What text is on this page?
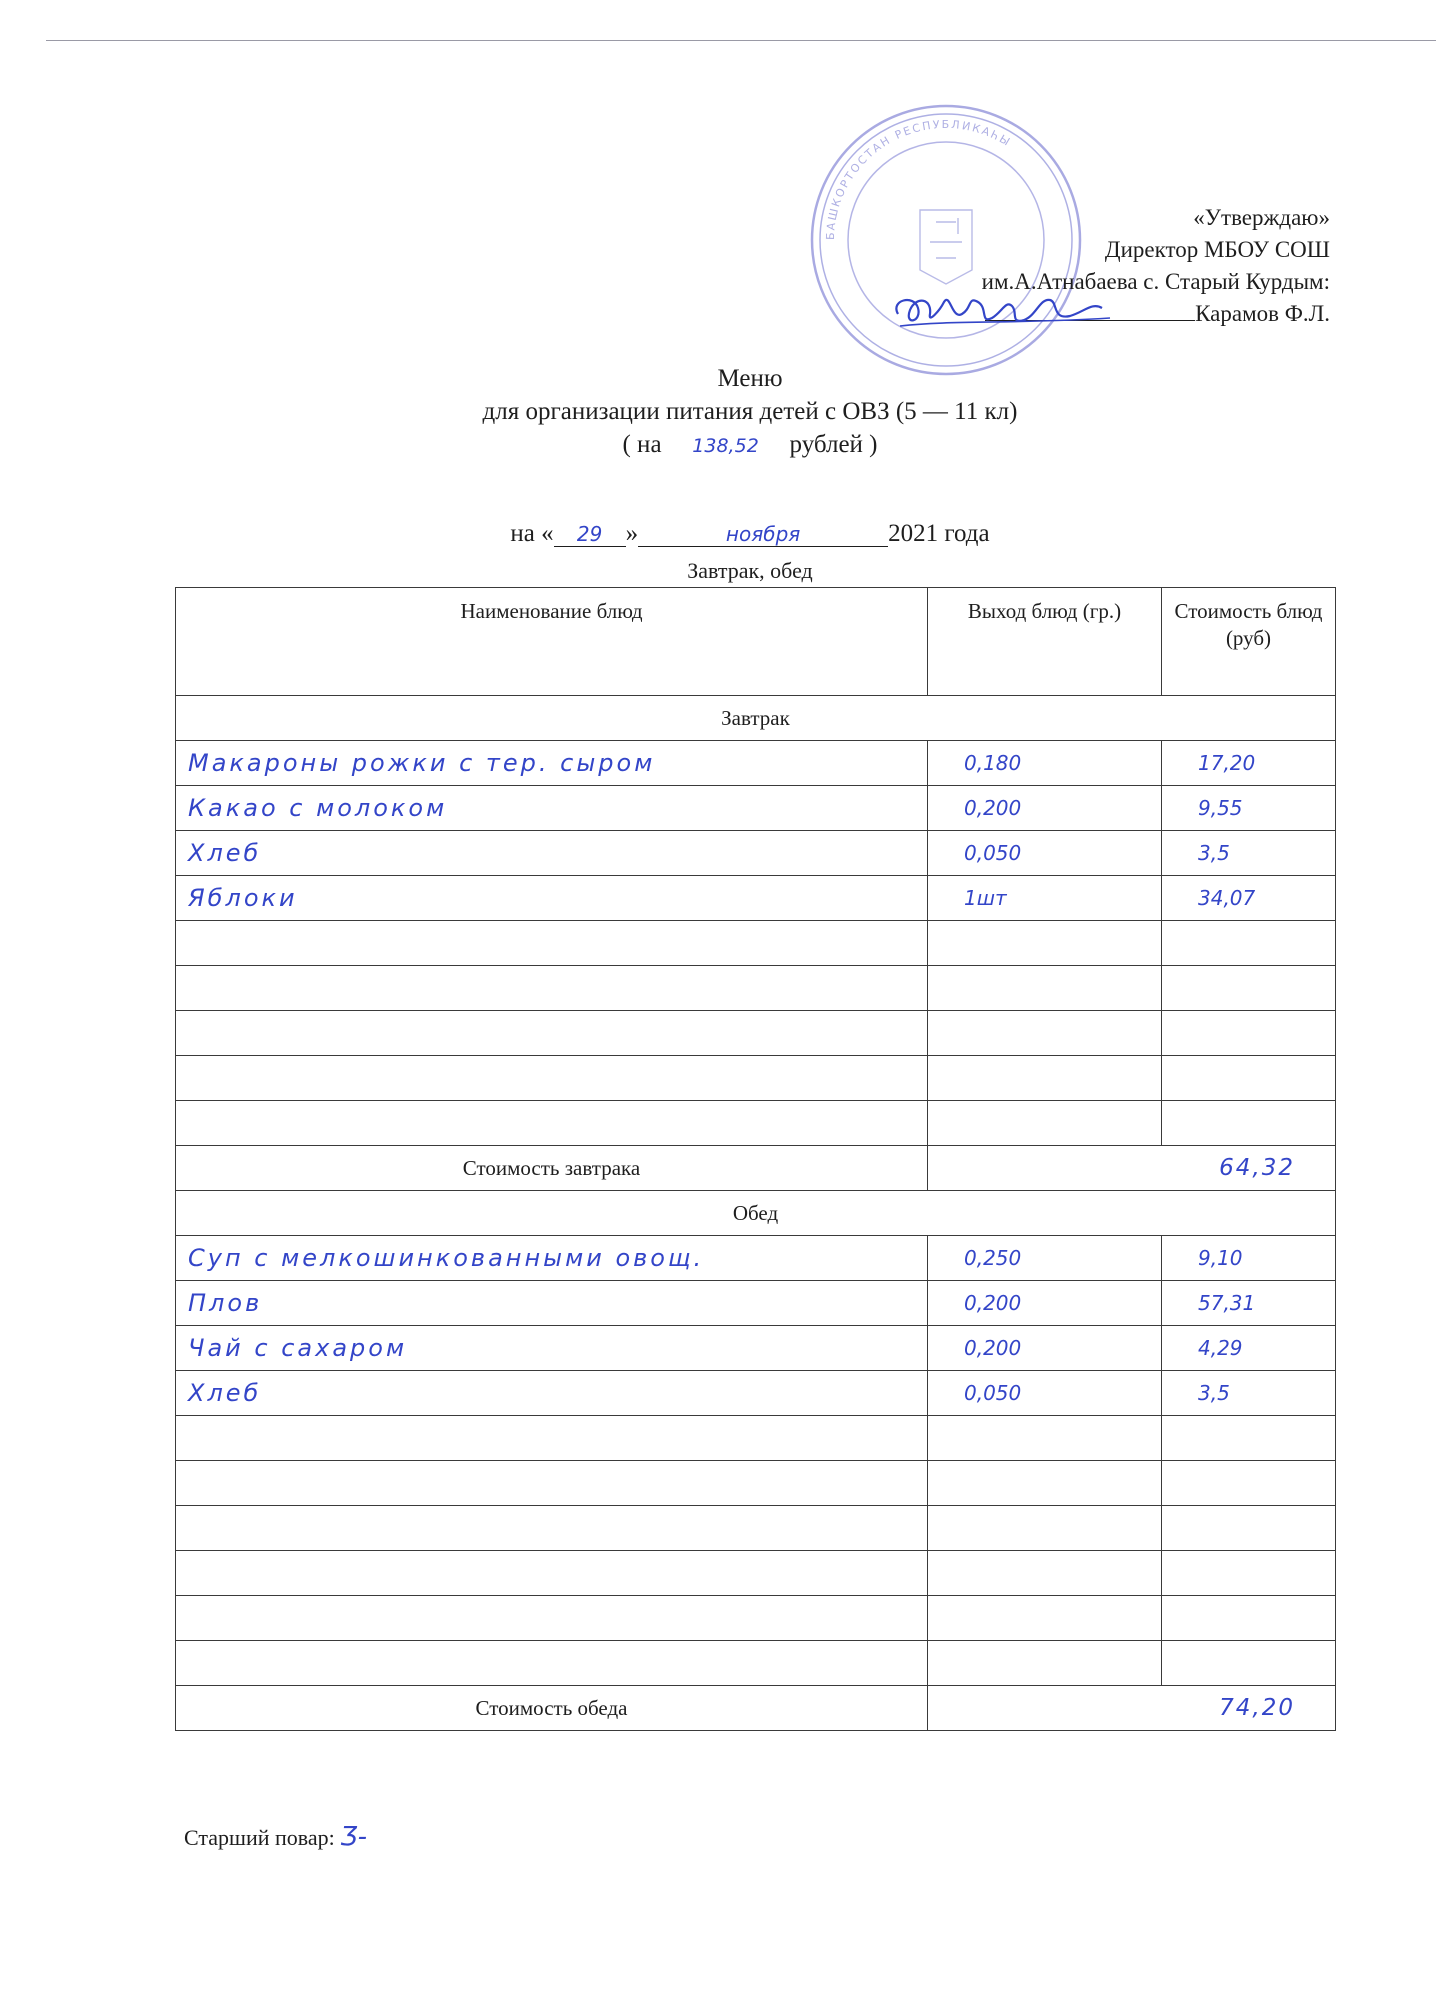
БАШКОРТОСТАН РЕСПУБЛИКАҺЫ
«Утверждаю»
Директор МБОУ СОШ
им.А.Атнабаева с. Старый Курдым:
Карамов Ф.Л.
Меню
для организации питания детей с ОВЗ (5 — 11 кл)
( на 138,52 рублей )
на « 29 »	ноября	2021 года
Завтрак, обед
Наименование блюд	Выход блюд (гр.)	Стоимость блюд (руб)
Завтрак		
Макароны рожки с тер. сыром	0,180	17,20
Какао с молоком	0,200	9,55
Хлеб	0,050	3,5
Яблоки	1шт	34,07

Стоимость завтрака	64,32	
Обед		
Суп с мелкошинкованными овощ.	0,250	9,10
Плов	0,200	57,31
Чай с сахаром	0,200	4,29
Хлеб	0,050	3,5

Стоимость обеда	74,20	
Старший повар: Ӡ-
